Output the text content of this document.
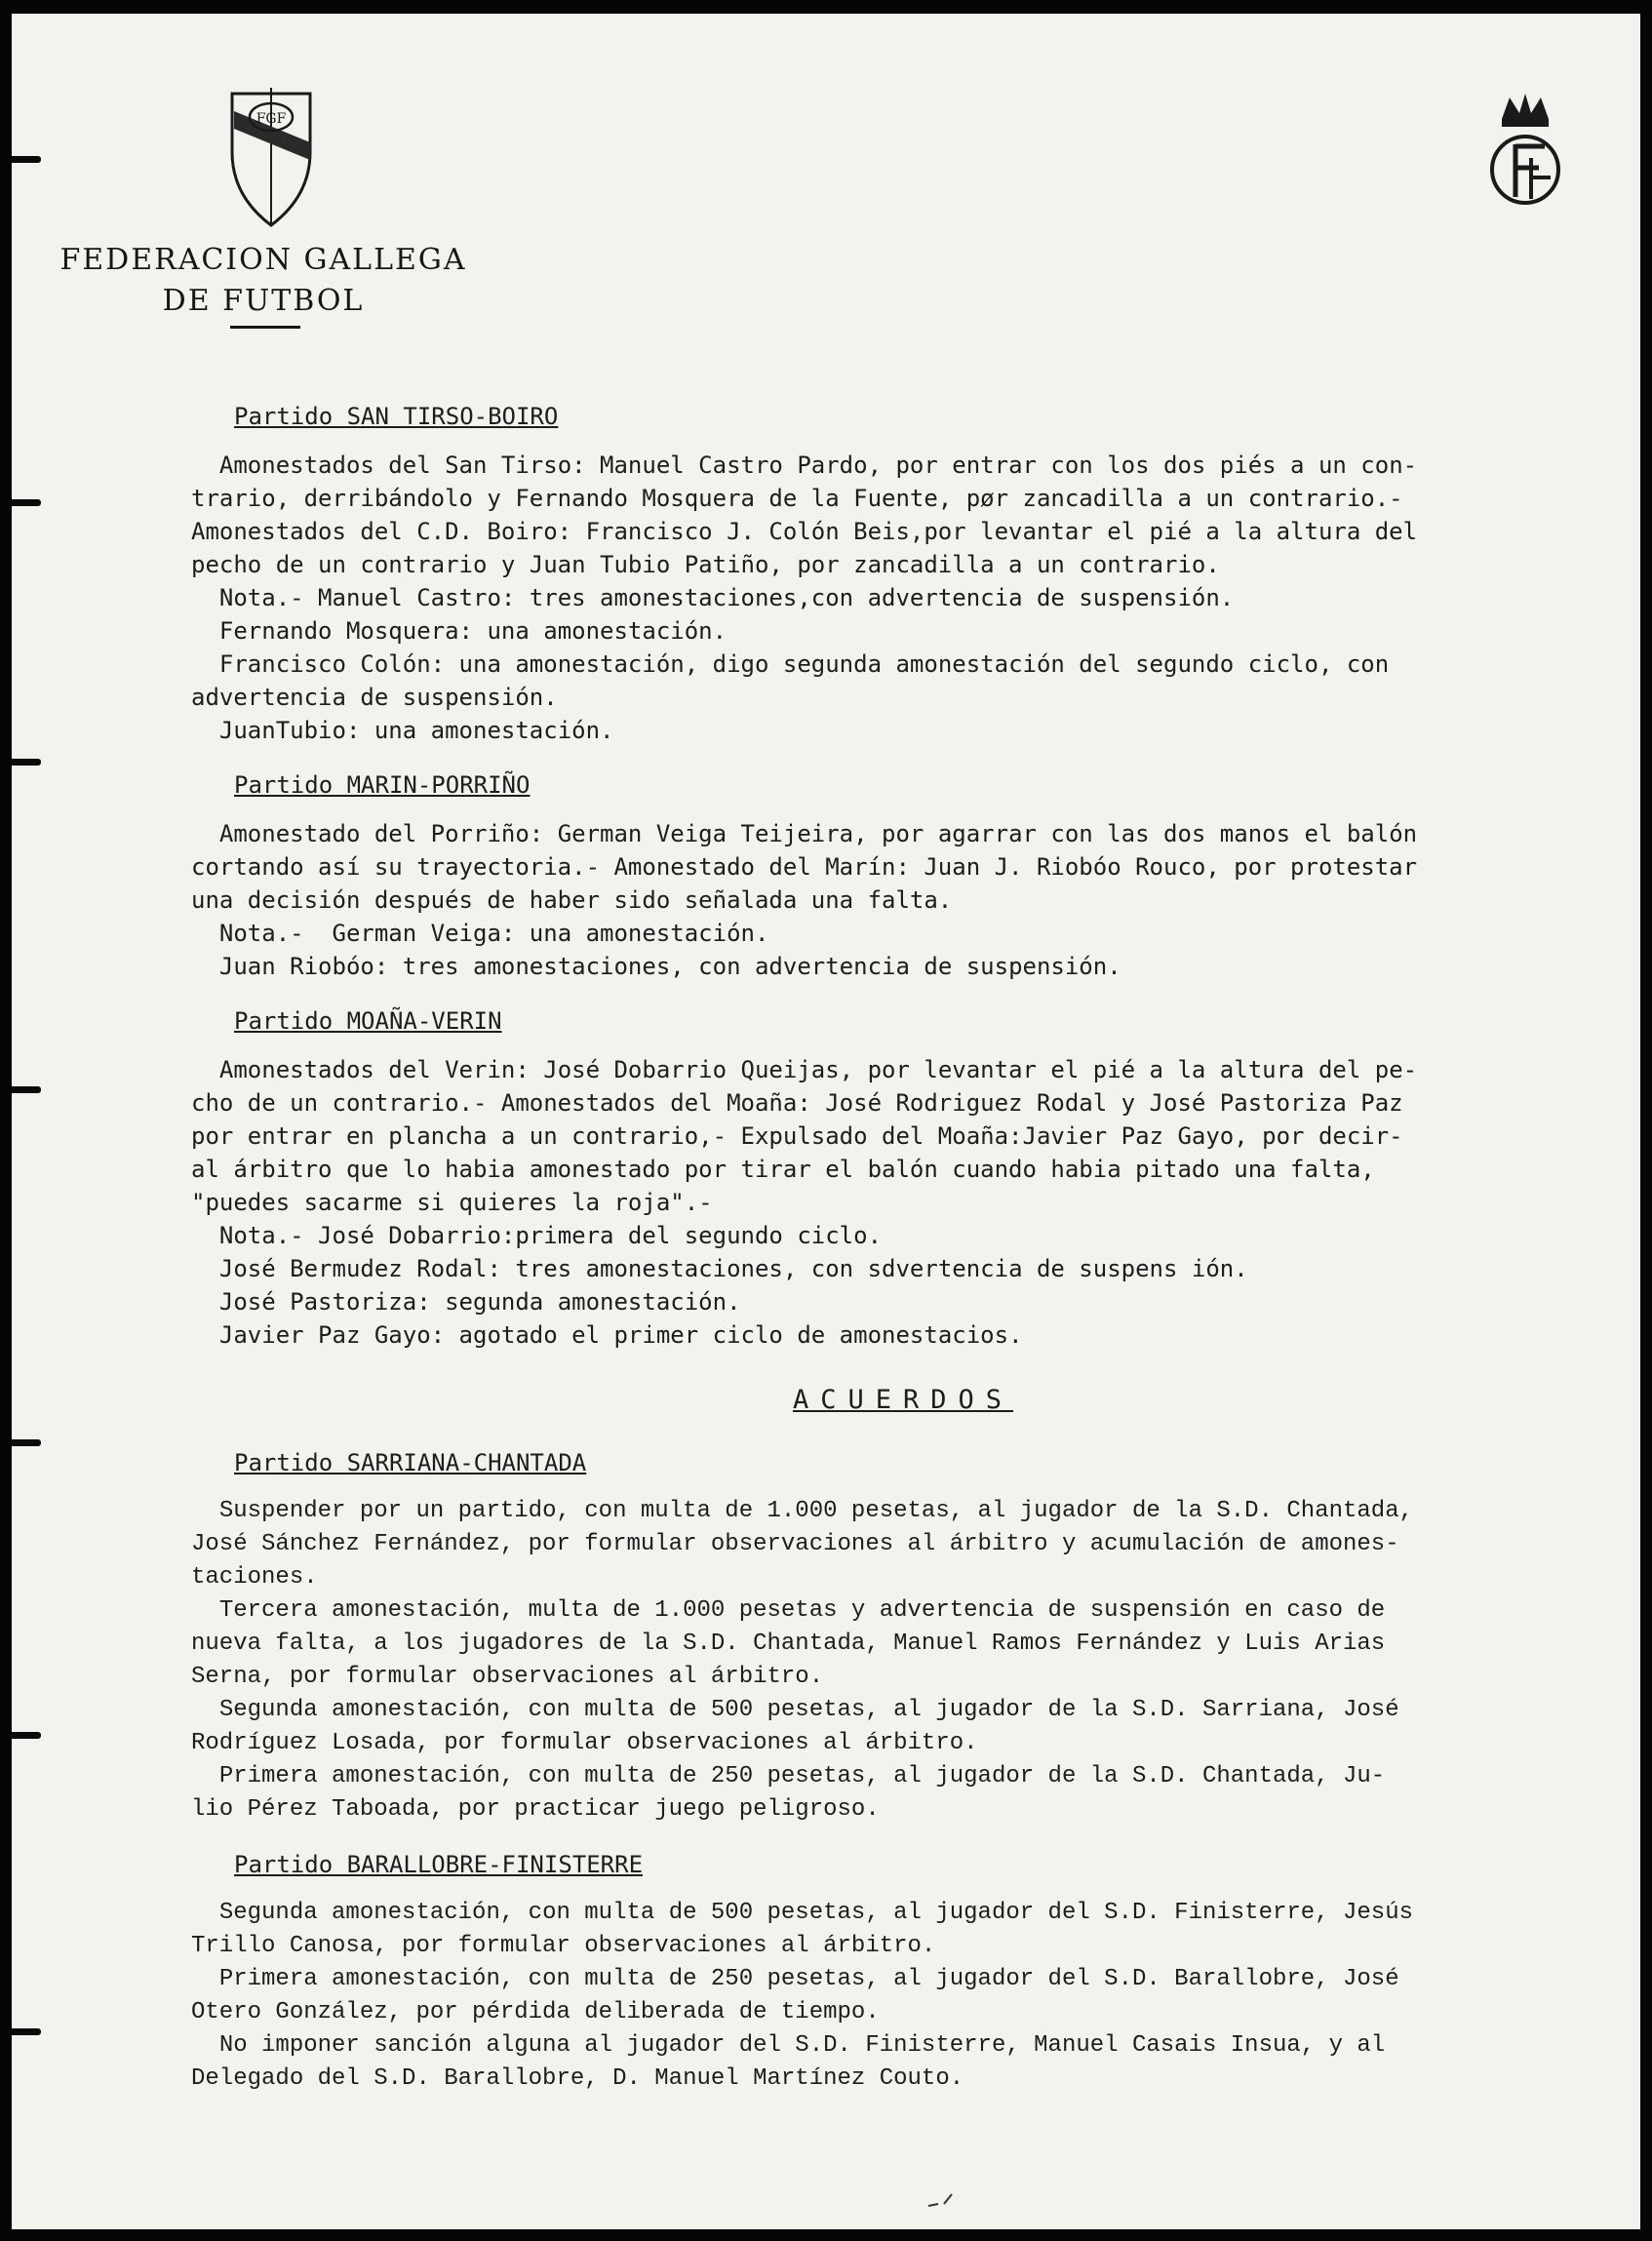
FGF
FEDERACION GALLEGA
DE FUTBOL
Partido SAN TIRSO-BOIRO

Amonestados del San Tirso: Manuel Castro Pardo, por entrar con los dos piés a un con-

trario, derribándolo y Fernando Mosquera de la Fuente, pør zancadilla a un contrario.-

Amonestados del C.D. Boiro: Francisco J. Colón Beis,por levantar el pié a la altura del

pecho de un contrario y Juan Tubio Patiño, por zancadilla a un contrario.

Nota.- Manuel Castro: tres amonestaciones,con advertencia de suspensión.

Fernando Mosquera: una amonestación.

Francisco Colón: una amonestación, digo segunda amonestación del segundo ciclo, con

advertencia de suspensión.

JuanTubio: una amonestación.

Partido MARIN-PORRIÑO

Amonestado del Porriño: German Veiga Teijeira, por agarrar con las dos manos el balón

cortando así su trayectoria.- Amonestado del Marín: Juan J. Riobóo Rouco, por protestar

una decisión después de haber sido señalada una falta.

Nota.-  German Veiga: una amonestación.

Juan Riobóo: tres amonestaciones, con advertencia de suspensión.

Partido MOAÑA-VERIN

Amonestados del Verin: José Dobarrio Queijas, por levantar el pié a la altura del pe-

cho de un contrario.- Amonestados del Moaña: José Rodriguez Rodal y José Pastoriza Paz

por entrar en plancha a un contrario,- Expulsado del Moaña:Javier Paz Gayo, por decir-

al árbitro que lo habia amonestado por tirar el balón cuando habia pitado una falta,

"puedes sacarme si quieres la roja".-

Nota.- José Dobarrio:primera del segundo ciclo.

José Bermudez Rodal: tres amonestaciones, con sdvertencia de suspens ión.

José Pastoriza: segunda amonestación.

Javier Paz Gayo: agotado el primer ciclo de amonestacios.

ACUERDOS
Partido SARRIANA-CHANTADA

Suspender por un partido, con multa de 1.000 pesetas, al jugador de la S.D. Chantada,

José Sánchez Fernández, por formular observaciones al árbitro y acumulación de amones-

taciones.

Tercera amonestación, multa de 1.000 pesetas y advertencia de suspensión en caso de

nueva falta, a los jugadores de la S.D. Chantada, Manuel Ramos Fernández y Luis Arias

Serna, por formular observaciones al árbitro.

Segunda amonestación, con multa de 500 pesetas, al jugador de la S.D. Sarriana, José

Rodríguez Losada, por formular observaciones al árbitro.

Primera amonestación, con multa de 250 pesetas, al jugador de la S.D. Chantada, Ju-

lio Pérez Taboada, por practicar juego peligroso.

Partido BARALLOBRE-FINISTERRE

Segunda amonestación, con multa de 500 pesetas, al jugador del S.D. Finisterre, Jesús

Trillo Canosa, por formular observaciones al árbitro.

Primera amonestación, con multa de 250 pesetas, al jugador del S.D. Barallobre, José

Otero González, por pérdida deliberada de tiempo.

No imponer sanción alguna al jugador del S.D. Finisterre, Manuel Casais Insua, y al

Delegado del S.D. Barallobre, D. Manuel Martínez Couto.
